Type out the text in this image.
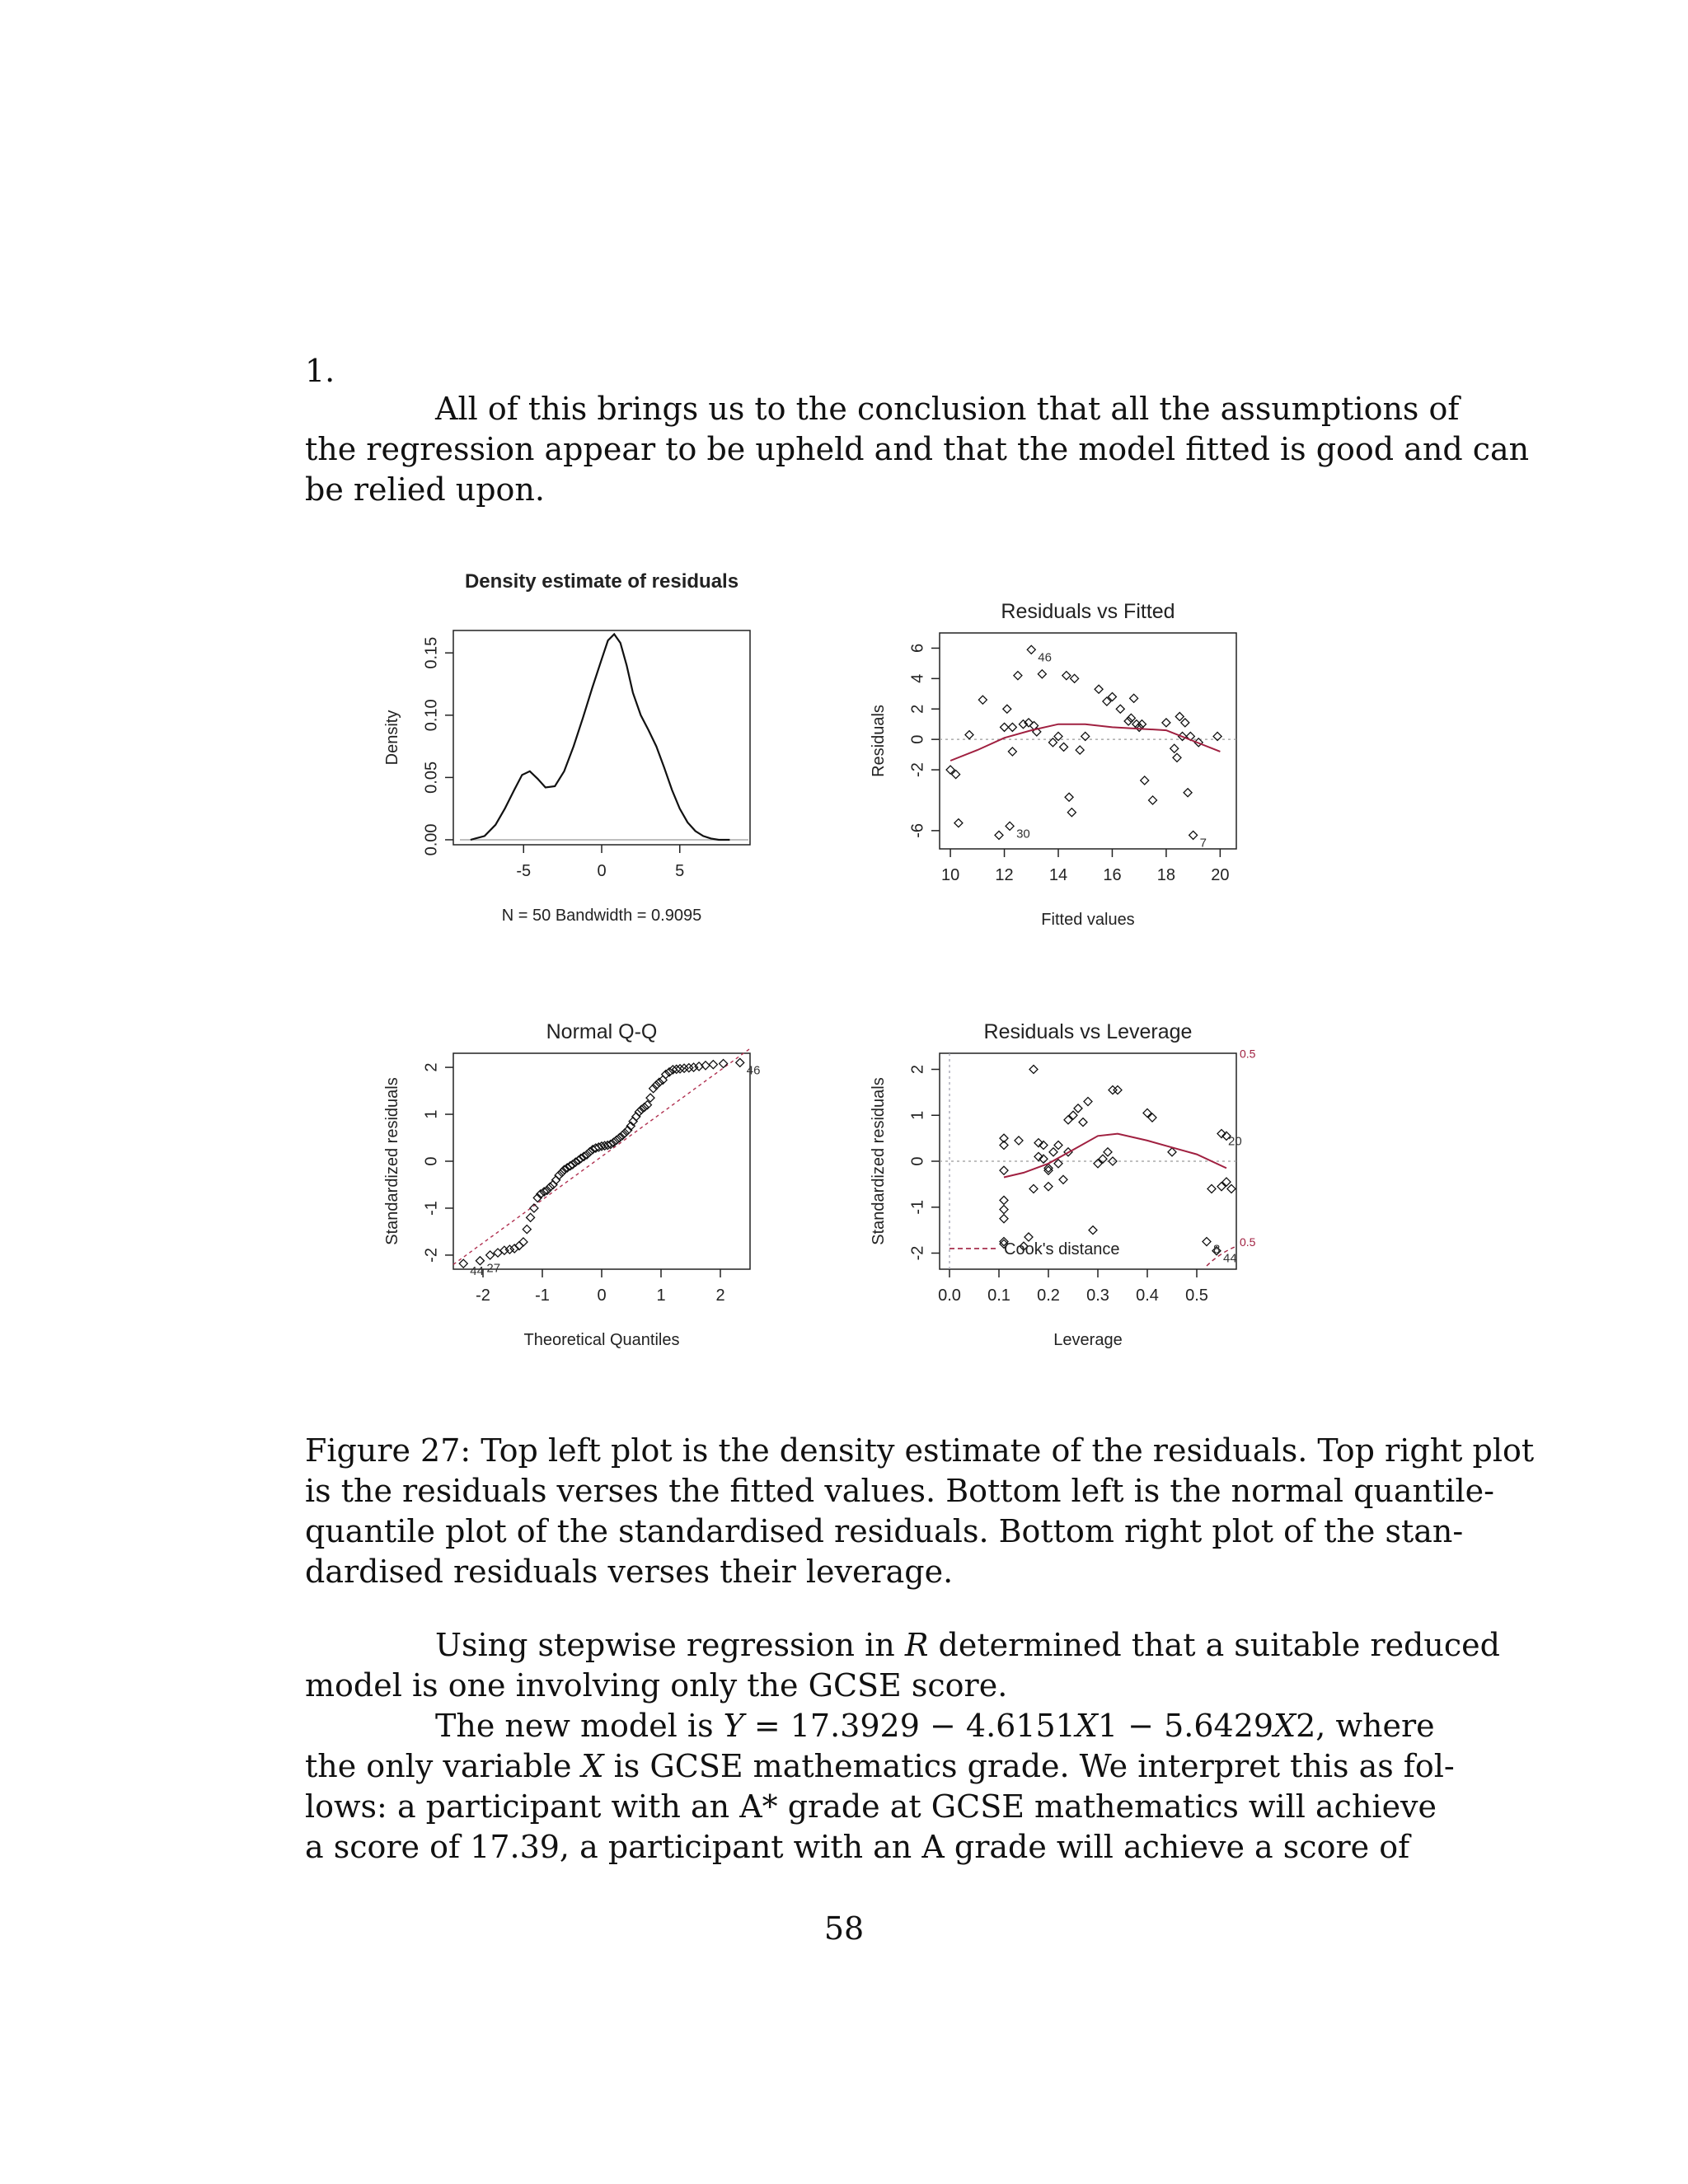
1.
All of this brings us to the conclusion that all the assumptions of
the regression appear to be upheld and that the model fitted is good and can
be relied upon.
Density estimate of residuals
-5	0	5
0.00
0.05
0.10
0.15
N = 50 Bandwidth = 0.9095
Density
Residuals vs Fitted
10 12 14 16 18 20
-6
-2
0
2
4
6
Fitted values
Residuals
46
30
7
Normal Q-Q
-2	-1	0	1	2
-2
-1
0
1
2
Theoretical Quantiles
Standardized residuals
44 27
46
Residuals vs Leverage
0.0 0.1 0.2 0.3 0.4 0.5
-2
-1
0
1
2
Leverage
Standardized residuals	20
44
8
Cook's distance
0.5
0.5
Figure 27: Top left plot is the density estimate of the residuals. Top right plot
is the residuals verses the fitted values. Bottom left is the normal quantile-
quantile plot of the standardised residuals. Bottom right plot of the stan-
dardised residuals verses their leverage.
Using stepwise regression in R determined that a suitable reduced
model is one involving only the GCSE score.
The new model is Y = 17.3929 − 4.6151X1 − 5.6429X2, where
the only variable X is GCSE mathematics grade. We interpret this as fol-
lows: a participant with an A* grade at GCSE mathematics will achieve
a score of 17.39, a participant with an A grade will achieve a score of
58
